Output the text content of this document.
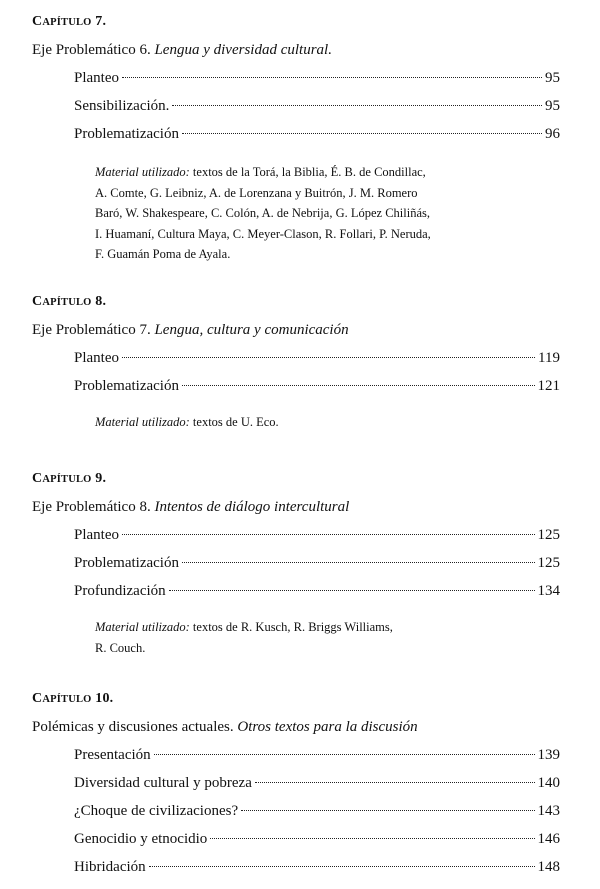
CAPÍTULO 7.
Eje Problemático 6. Lengua y diversidad cultural.
Planteo	95
Sensibilización.	95
Problematización	96
Material utilizado: textos de la Torá, la Biblia, É. B. de Condillac,
A. Comte, G. Leibniz, A. de Lorenzana y Buitrón, J. M. Romero
Baró, W. Shakespeare, C. Colón, A. de Nebrija, G. López Chiliñás,
I. Huamaní, Cultura Maya, C. Meyer-Clason, R. Follari, P. Neruda,
F. Guamán Poma de Ayala.
CAPÍTULO 8.
Eje Problemático 7. Lengua, cultura y comunicación
Planteo	119
Problematización	121
Material utilizado: textos de U. Eco.
CAPÍTULO 9.
Eje Problemático 8. Intentos de diálogo intercultural
Planteo	125
Problematización	125
Profundización	134
Material utilizado: textos de R. Kusch, R. Briggs Williams,
R. Couch.
CAPÍTULO 10.
Polémicas y discusiones actuales. Otros textos para la discusión
Presentación	139
Diversidad cultural y pobreza	140
¿Choque de civilizaciones?	143
Genocidio y etnocidio	146
Hibridación	148
